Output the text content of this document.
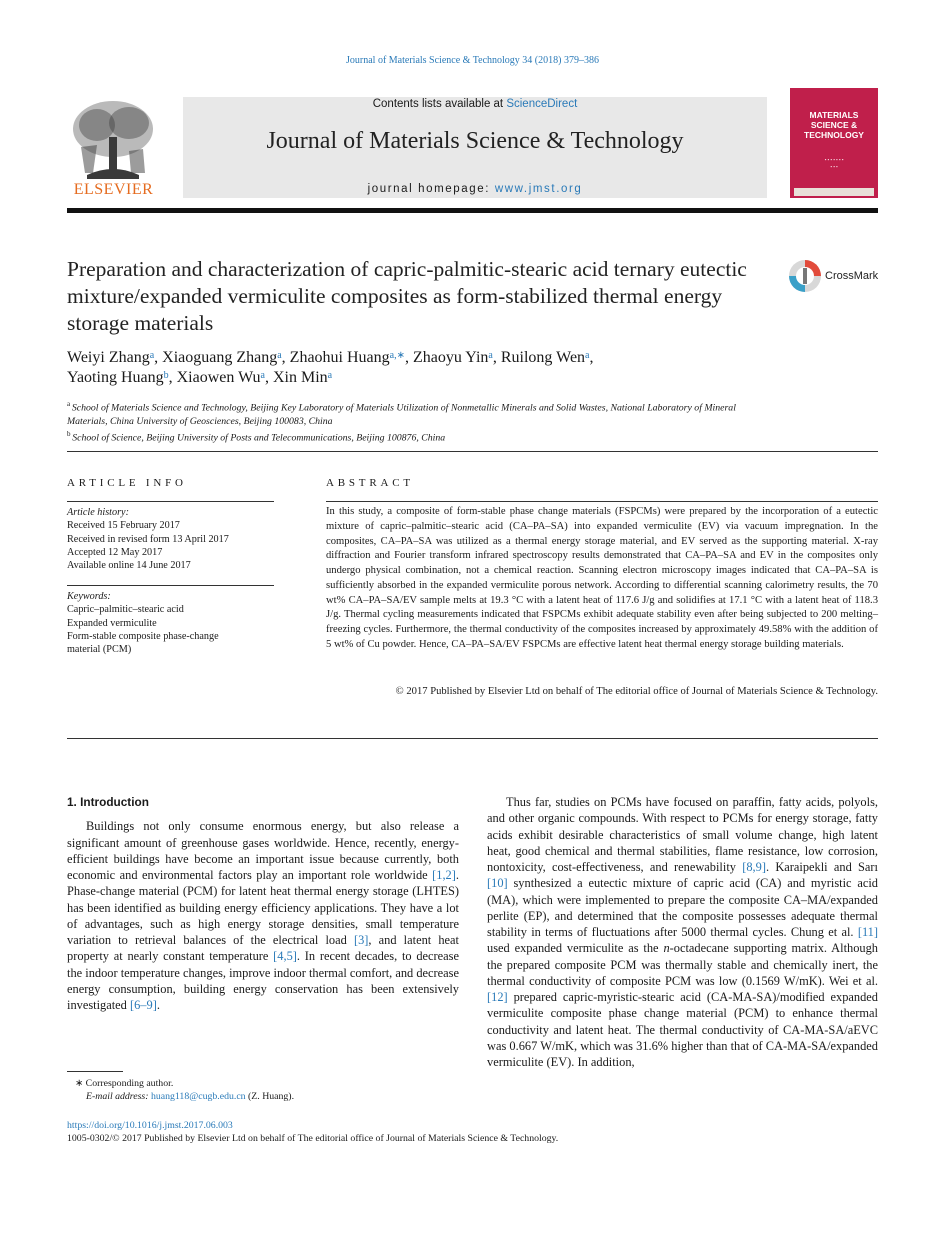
Journal of Materials Science & Technology 34 (2018) 379–386
ELSEVIER
Contents lists available at ScienceDirect
Journal of Materials Science & Technology
journal homepage: www.jmst.org
MATERIALS SCIENCE & TECHNOLOGY
▪ ▪ ▪ ▪ ▪ ▪ ▪
▪ ▪ ▪
Preparation and characterization of capric-palmitic-stearic acid ternary eutectic mixture/expanded vermiculite composites as form-stabilized thermal energy storage materials
CrossMark
Weiyi Zhang$^a$, Xiaoguang Zhang$^a$, Zhaohui Huang$^{a,∗}$, Zhaoyu Yin$^a$, Ruilong Wen$^a$,
Yaoting Huang$^b$, Xiaowen Wu$^a$, Xin Min$^a$
$^a$ School of Materials Science and Technology, Beijing Key Laboratory of Materials Utilization of Nonmetallic Minerals and Solid Wastes, National Laboratory of Mineral Materials, China University of Geosciences, Beijing 100083, China
$^b$ School of Science, Beijing University of Posts and Telecommunications, Beijing 100876, China
ARTICLE INFO
Article history:
Received 15 February 2017
Received in revised form 13 April 2017
Accepted 12 May 2017
Available online 14 June 2017
Keywords:
Capric–palmitic–stearic acid
Expanded vermiculite
Form-stable composite phase-change material (PCM)
ABSTRACT
In this study, a composite of form-stable phase change materials (FSPCMs) were prepared by the incorporation of a eutectic mixture of capric–palmitic–stearic acid (CA–PA–SA) into expanded vermiculite (EV) via vacuum impregnation. In the composites, CA–PA–SA was utilized as a thermal energy storage material, and EV served as the supporting material. X-ray diffraction and Fourier transform infrared spectroscopy results demonstrated that CA–PA–SA and EV in the composites only undergo physical combination, not a chemical reaction. Scanning electron microscopy images indicated that CA–PA–SA is sufficiently absorbed in the expanded vermiculite porous network. According to differential scanning calorimetry results, the 70 wt% CA–PA–SA/EV sample melts at 19.3 °C with a latent heat of 117.6 J/g and solidifies at 17.1 °C with a latent heat of 118.3 J/g. Thermal cycling measurements indicated that FSPCMs exhibit adequate stability even after being subjected to 200 melting–freezing cycles. Furthermore, the thermal conductivity of the composites increased by approximately 49.58% with the addition of 5 wt% of Cu powder. Hence, CA–PA–SA/EV FSPCMs are effective latent heat thermal energy storage building materials.
© 2017 Published by Elsevier Ltd on behalf of The editorial office of Journal of Materials Science & Technology.
1. Introduction

Buildings not only consume enormous energy, but also release a significant amount of greenhouse gases worldwide. Hence, recently, energy-efficient buildings have become an important issue because currently, both economic and environmental factors play an important role worldwide [1,2]. Phase-change material (PCM) for latent heat thermal energy storage (LHTES) has been identified as building energy efficiency applications. They have a lot of advantages, such as high energy storage densities, small temperature variation to retrieval balances of the electrical load [3], and latent heat property at nearly constant temperature [4,5]. In recent decades, to decrease the indoor temperature changes, improve indoor thermal comfort, and decrease energy consumption, building energy conservation has been extensively investigated [6–9].

Thus far, studies on PCMs have focused on paraffin, fatty acids, polyols, and other organic compounds. With respect to PCMs for energy storage, fatty acids exhibit desirable characteristics of small volume change, high latent heat, good chemical and thermal stabilities, flame resistance, low corrosion, nontoxicity, cost-effectiveness, and renewability [8,9]. Karaipekli and Sarı [10] synthesized a eutectic mixture of capric acid (CA) and myristic acid (MA), which were implemented to prepare the composite CA–MA/expanded perlite (EP), and determined that the composite possesses adequate thermal stability in terms of fluctuations after 5000 thermal cycles. Chung et al. [11] used expanded vermiculite as the n-octadecane supporting matrix. Although the prepared composite PCM was thermally stable and chemically inert, the thermal conductivity of composite PCM was low (0.1569 W/mK). Wei et al. [12] prepared capric-myristic-stearic acid (CA-MA-SA)/modified expanded vermiculite composite phase change material (PCM) to enhance thermal conductivity and latent heat. The thermal conductivity of CA-MA-SA/aEVC was 0.667 W/mK, which was 31.6% higher than that of CA-MA-SA/expanded vermiculite (EV). In addition,

∗ Corresponding author.
E-mail address: huang118@cugb.edu.cn (Z. Huang).
https://doi.org/10.1016/j.jmst.2017.06.003
1005-0302/© 2017 Published by Elsevier Ltd on behalf of The editorial office of Journal of Materials Science & Technology.
